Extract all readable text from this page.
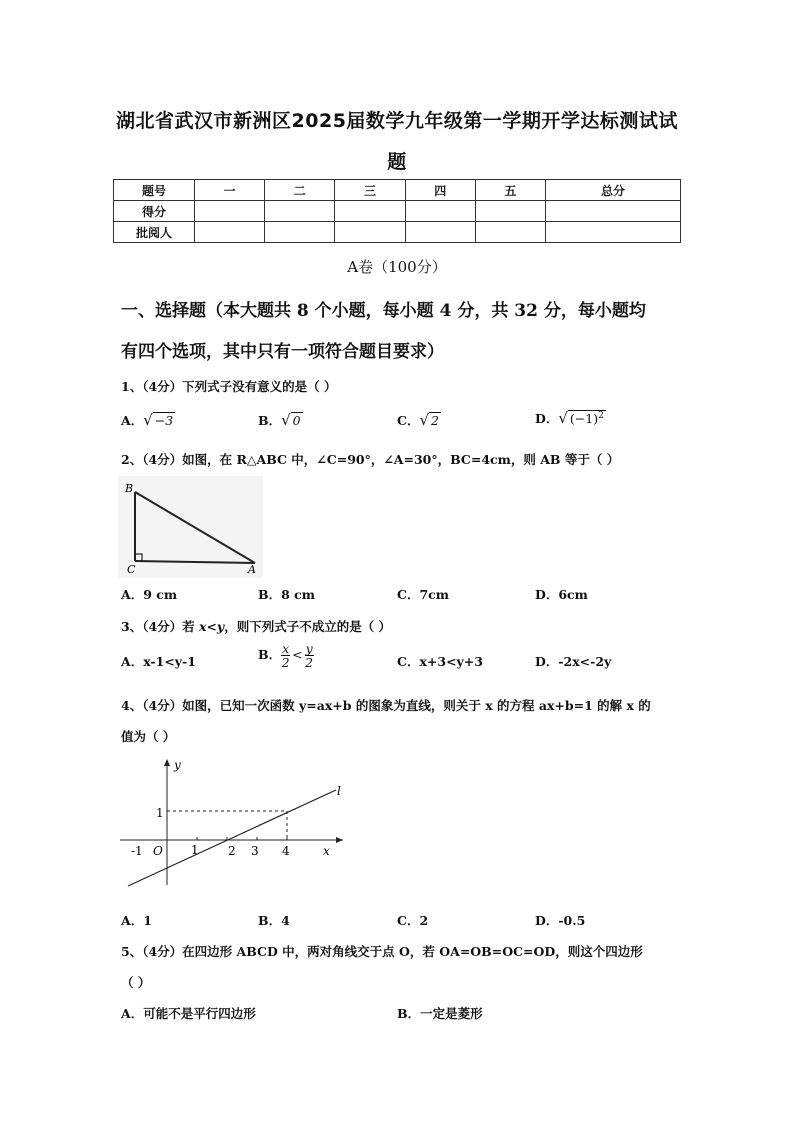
湖北省武汉市新洲区2025届数学九年级第一学期开学达标测试试
题
题号	一	二	三	四	五	总分
得分						
批阅人						
A卷（100分）
一、选择题（本大题共 8 个小题，每小题 4 分，共 32 分，每小题均
有四个选项，其中只有一项符合题目要求）
1、（4分）下列式子没有意义的是（ ）
A．√ −3	B．√ 0	C．√ 2	D．√ $(-1)^2$
2、（4分）如图，在 R△ABC 中，∠C=90°，∠A=30°，BC=4cm，则 AB 等于（ ）
B
C	A
A．9 cm	B．8 cm	C．7cm	D．6cm
3、（4分）若 x<y，则下列式子不成立的是（ ）
A．x-1<y-1	B． $\frac{x}{2} < \frac{y}{2}$	C．x+3<y+3	D．-2x<-2y
4、（4分）如图，已知一次函数 y=ax+b 的图象为直线，则关于 x 的方程 ax+b=1 的解 x 的
值为（ ）
y
x
l
O
-1	1 2 3 4
1
A．1	B．4	C．2	D．-0.5
5、（4分）在四边形 ABCD 中，两对角线交于点 O，若 OA=OB=OC=OD，则这个四边形
（ ）
A．可能不是平行四边形	B．一定是菱形
